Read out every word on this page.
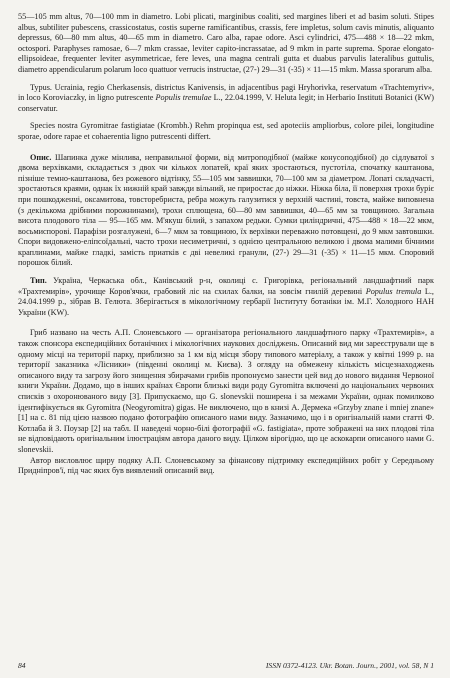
55—105 mm altus, 70—100 mm in diametro. Lobi plicati, marginibus coaliti, sed margines liberi et ad basim soluti. Stipes albus, subtiliter pubescens, crassicostatus, costis superne ramificantibus, crassis, fere impletus, solum cavis minutis, aliquanto depressus, 60—80 mm altus, 40—65 mm in diametro. Caro alba, rapae odore. Asci cylindrici, 475—488 × 18—22 mkm, octospori. Paraphyses ramosae, 6—7 mkm crassae, leviter capito-incrassatae, ad 9 mkm in parte suprema. Sporae elongato-ellipsoideae, frequenter leviter asymmetricae, fere leves, una magna centrali gutta et duabus parvulis lateralibus guttulis, diametro appendicularum polarum loco quattuor verrucis instructae, (27-) 29—31 (-35) × 11—15 mkm. Massa sporarum alba.

Typus. Ucrainia, regio Cherkasensis, districtus Kanivensis, in adjacentibus pagi Hryhorivka, reservatum «Trachtemyriv», in loco Koroviaczky, in ligno putrescente Populis tremulae L., 22.04.1999, V. Heluta legit; in Herbario Instituti Botanici (KW) conservatur.

Species nostra Gyromitrae fastigiatae (Krombh.) Rehm propinqua est, sed apoteciis ampliorbus, colore pilei, longitudine sporae, odore rapae et cohaerentia ligno putrescenti differt.

Опис. Шапинка дуже мінлива, неправильної форми, від митроподібної (майже конусоподібної) до сідлуватої з двома верхівками, складається з двох чи кількох лопатей, краї яких зростаються, пустотіла, спочатку каштанова, пізніше темно-каштанова, без рожевого відтінку, 55—105 мм заввишки, 70—100 мм за діаметром. Лопаті складчасті, зростаються краями, однак їх нижній край завжди вільний, не приростає до ніжки. Ніжка біла, її поверхня трохи буріє при пошкодженні, оксамитова, товсторебриста, ребра можуть галузитися у верхній частині, товста, майже виповнена (з декількома дрібними порожнинами), трохи сплющена, 60—80 мм заввишки, 40—65 мм за товщиною. Загальна висота плодового тіла — 95—165 мм. М'якуш білий, з запахом редьки. Сумки циліндричні, 475—488 × 18—22 мкм, восьмиспорові. Парафізи розгалужені, 6—7 мкм за товщиною, їх верхівки переважно потовщені, до 9 мкм завтовшки. Спори видовжено-еліпсоїдальні, часто трохи несиметричні, з однією центральною великою і двома малими бічними краплинами, майже гладкі, замість приатків є дві невеликі гранули, (27-) 29—31 (-35) × 11—15 мкм. Споровий порошок білий.

Тип. Україна, Черкаська обл., Канівський р-н, околиці с. Григорівка, регіональний ландшафтний парк «Трахтемирів», урочище Коров'ячки, грабовий ліс на схилах балки, на зовсім гнилій деревині Populus tremula L., 24.04.1999 р., зібрав В. Гелюта. Зберігається в мікологічному гербарії Інституту ботаніки ім. М.Г. Холодного НАН України (KW).

Гриб названо на честь А.П. Слоневського — організатора регіонального ландшафтного парку «Трахтемирів», а також спонсора експедиційних ботанічних і мікологічних наукових досліджень. Описаний вид ми зареєстрували ще в одному місці на території парку, приблизно за 1 км від місця збору типового матеріалу, а також у квітні 1999 р. на території заказника «Лісники» (південні околиці м. Києва). З огляду на обмежену кількість місцезнаходжень описаного виду та загрозу його знищення збирачами грибів пропонуємо занести цей вид до нового видання Червоної книги України. Додамо, що в інших країнах Європи близькі види роду Gyromitra включені до національних червоних списків з охоронюваного виду [3]. Припускаємо, що G. slonevskii поширена і за межами України, однак помилково ідентифікується як Gyromitra (Neogyromitra) gigas. Не виключено, що в книзі А. Дермека «Grzyby znane i mniej znane» [1] на с. 81 під цією назвою подано фотографію описаного нами виду. Зазначимо, що і в оригінальній нами статті Ф. Котлаба й З. Поузар [2] на табл. II наведені чорно-білі фотографії «G. fastigiata», проте зображені на них плодові тіла не відповідають оригінальним ілюстраціям автора даного виду. Цілком вірогідно, що це аскокарпи описаного нами G. slonevskii.

Автор висловлює щиру подяку А.П. Слоневському за фінансову підтримку експедиційних робіт у Середньому Придніпров'ї, під час яких був виявлений описаний вид.

84	ISSN 0372-4123. Ukr. Botan. Journ., 2001, vol. 58, N 1
